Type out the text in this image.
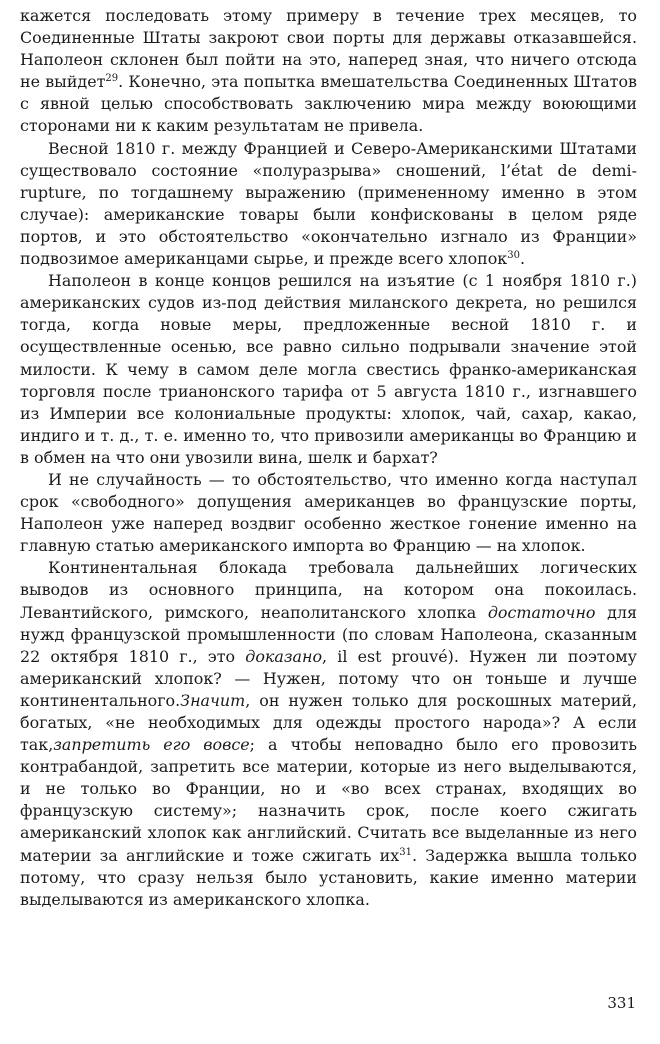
кажется последовать этому примеру в течение трех месяцев, то Соединенные Штаты закроют свои порты для державы отказавшейся. Наполеон склонен был пойти на это, наперед зная, что ничего отсюда не выйдет$^{29}$. Конечно, эта попытка вмешательства Соединенных Штатов с явной целью способствовать заключению мира между воюющими сторонами ни к каким результатам не привела.

Весной 1810 г. между Францией и Северо-Американскими Штатами существовало состояние «полуразрыва» сношений, l’état de demi-rupture, по тогдашнему выражению (примененному именно в этом случае): американские товары были конфискованы в целом ряде портов, и это обстоятельство «окончательно изгнало из Франции» подвозимое американцами сырье, и прежде всего хлопок$^{30}$.

Наполеон в конце концов решился на изъятие (с 1 ноября 1810 г.) американских судов из-под действия миланского декрета, но решился тогда, когда новые меры, предложенные весной 1810 г. и осуществленные осенью, все равно сильно подрывали значение этой милости. К чему в самом деле могла свестись франко-американская торговля после трианонского тарифа от 5 августа 1810 г., изгнавшего из Империи все колониальные продукты: хлопок, чай, сахар, какао, индиго и т. д., т. е. именно то, что привозили американцы во Францию и в обмен на что они увозили вина, шелк и бархат?

И не случайность — то обстоятельство, что именно когда наступал срок «свободного» допущения американцев во французские порты, Наполеон уже наперед воздвиг особенно жесткое гонение именно на главную статью американского импорта во Францию — на хлопок.

Континентальная блокада требовала дальнейших логических выводов из основного принципа, на котором она покоилась. Левантийского, римского, неаполитанского хлопка достаточно для нужд французской промышленности (по словам Наполеона, сказанным 22 октября 1810 г., это доказано, il est prouvé). Нужен ли поэтому американский хлопок? — Нужен, потому что он тоньше и лучше континентального.Значит, он нужен только для роскошных материй, богатых, «не необходимых для одежды простого народа»? А если так,запретить его вовсе; а чтобы неповадно было его провозить контрабандой, запретить все материи, которые из него выделываются, и не только во Франции, но и «во всех странах, входящих во французскую систему»; назначить срок, после коего сжигать американский хлопок как английский. Считать все выделанные из него материи за английские и тоже сжигать $их^{31}$. Задержка вышла только потому, что сразу нельзя было установить, какие именно материи выделываются из американского хлопка.

331
